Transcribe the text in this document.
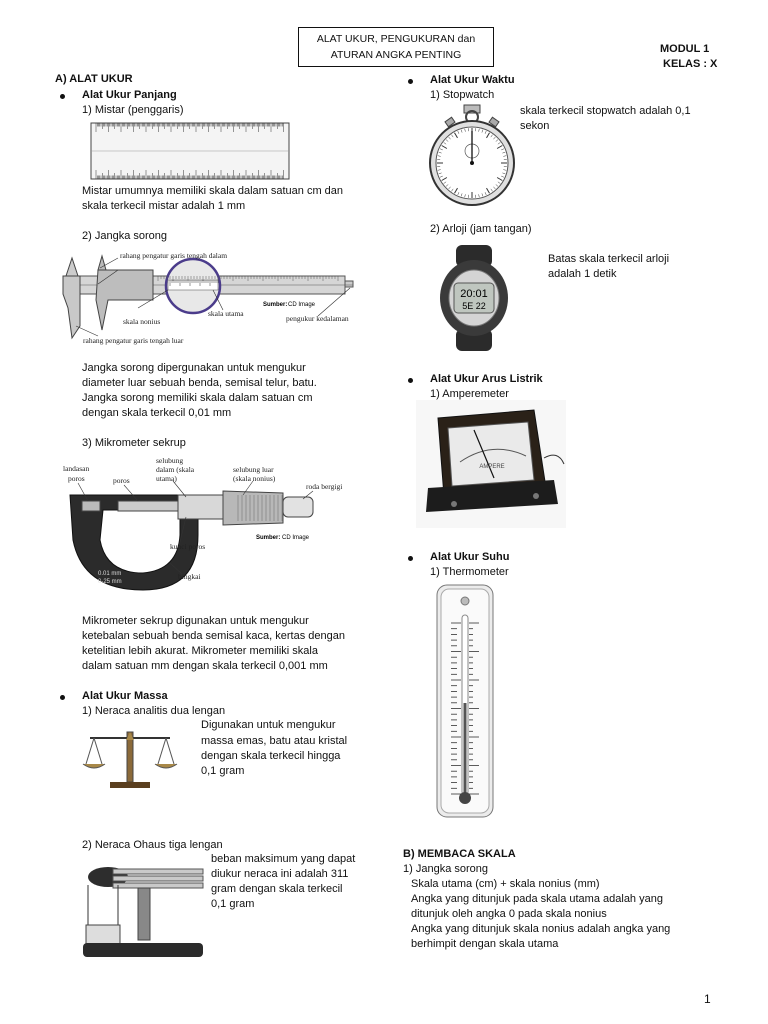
ALAT UKUR, PENGUKURAN dan
ATURAN ANGKA PENTING	MODUL 1
KELAS : X
A) ALAT UKUR
Alat Ukur Panjang
1) Mistar (penggaris)
Mistar umumnya memiliki skala dalam satuan cm dan
skala terkecil mistar adalah 1 mm
2) Jangka sorong
rahang pengatur garis tengah dalam
skala nonius
skala utama
pengukur kedalaman
rahang pengatur garis tengah luar
Sumber: CD Image
Jangka sorong dipergunakan untuk mengukur
diameter luar sebuah benda, semisal telur, batu.
Jangka sorong memiliki skala dalam satuan cm
dengan skala terkecil 0,01 mm
3) Mikrometer sekrup
0.01 mm
0-25 mm
landasan
poros	poros
selubung
dalam (skala
utama)
selubung luar
(skala nonius)
roda bergigi
kunci poros
bingkai
Sumber: CD Image
Mikrometer sekrup digunakan untuk mengukur
ketebalan sebuah benda semisal kaca, kertas dengan
ketelitian lebih akurat. Mikrometer memiliki skala
dalam satuan mm dengan skala terkecil 0,001 mm
Alat Ukur Massa
1) Neraca analitis dua lengan
Digunakan untuk mengukur
massa emas, batu atau kristal
dengan skala terkecil hingga
0,1 gram
2) Neraca Ohaus tiga lengan
beban maksimum yang dapat
diukur neraca ini adalah 311
gram dengan skala terkecil
0,1 gram
Alat Ukur Waktu
1) Stopwatch
skala terkecil stopwatch adalah 0,1
sekon
2) Arloji (jam tangan)
20:01
5E 22
Batas skala terkecil arloji
adalah 1 detik
Alat Ukur Arus Listrik
1) Amperemeter
AMPERE
Alat Ukur Suhu
1) Thermometer
B) MEMBACA SKALA
1) Jangka sorong
Skala utama (cm) + skala nonius (mm)
Angka yang ditunjuk pada skala utama adalah yang
ditunjuk oleh angka 0 pada skala nonius
Angka yang ditunjuk skala nonius adalah angka yang
berhimpit dengan skala utama
1
